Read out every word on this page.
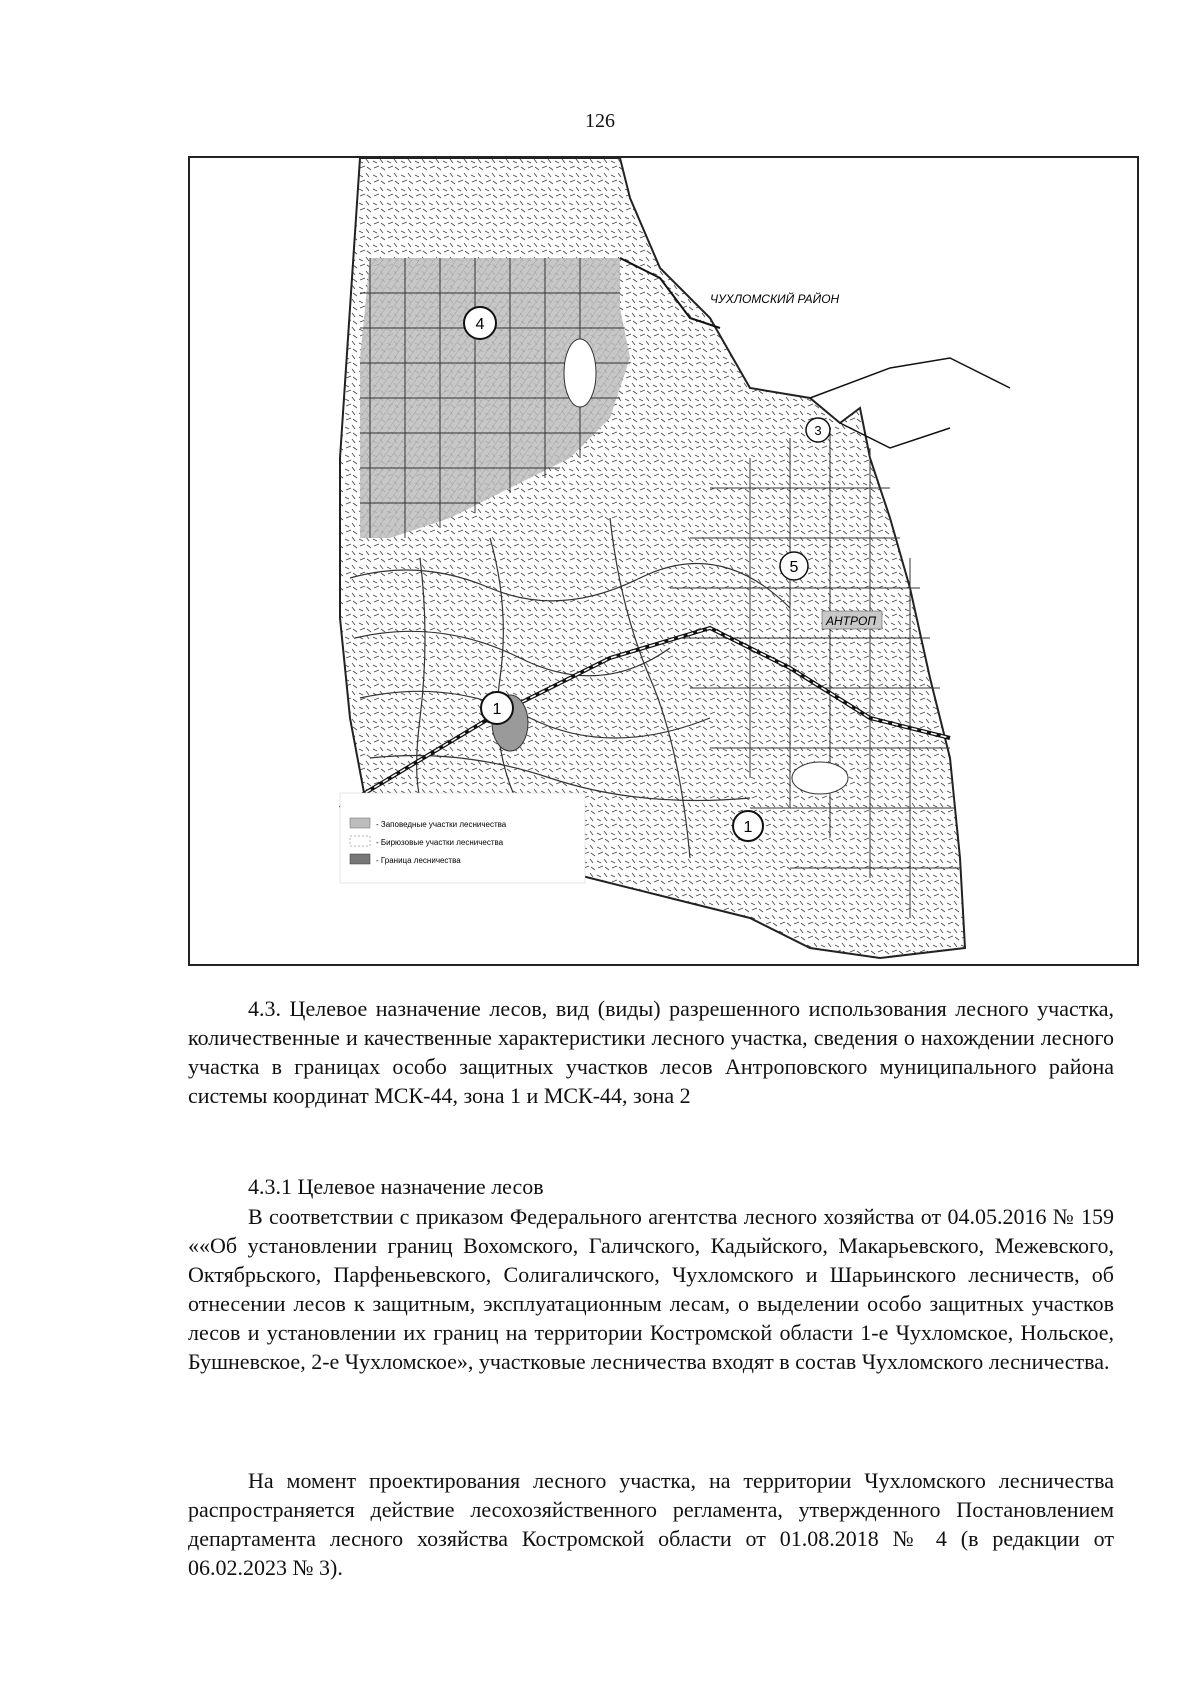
126
ЧУХЛОМСКИЙ РАЙОН
АНТРОП
4
5
3
1
1
- Заповедные участки лесничества
- Бирюзовые участки лесничества
- Граница лесничества
4.3. Целевое назначение лесов, вид (виды) разрешенного использования лесного участка, количественные и качественные характеристики лесного участка, сведения о нахождении лесного участка в границах особо защитных участков лесов Антроповского муниципального района системы координат МСК-44, зона 1 и МСК-44, зона 2
4.3.1 Целевое назначение лесов
В соответствии с приказом Федерального агентства лесного хозяйства от 04.05.2016 № 159 ««Об установлении границ Вохомского, Галичского, Кадыйского, Макарьевского, Межевского, Октябрьского, Парфеньевского, Солигаличского, Чухломского и Шарьинского лесничеств, об отнесении лесов к защитным, эксплуатационным лесам, о выделении особо защитных участков лесов и установлении их границ на территории Костромской области 1-е Чухломское, Нольское, Бушневское, 2-е Чухломское», участковые лесничества входят в состав Чухломского лесничества.
На момент проектирования лесного участка, на территории Чухломского лесничества распространяется действие лесохозяйственного регламента, утвержденного Постановлением департамента лесного хозяйства Костромской области от 01.08.2018 № 4 (в редакции от 06.02.2023 № 3).
